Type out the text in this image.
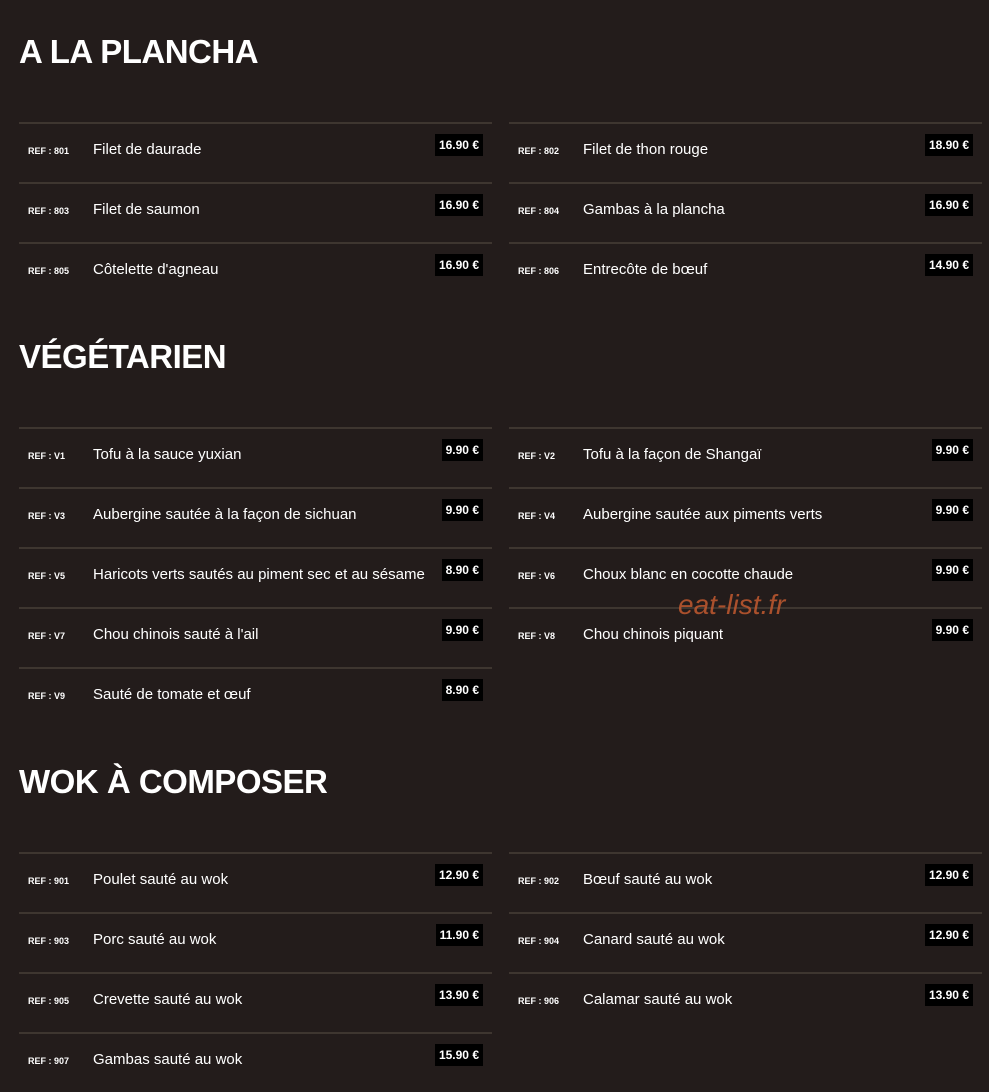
A LA PLANCHA
REF : 801 Filet de daurade	16.90 €	REF : 802 Filet de thon rouge	18.90 €
REF : 803 Filet de saumon	16.90 €	REF : 804 Gambas à la plancha	16.90 €
REF : 805 Côtelette d'agneau	16.90 €	REF : 806 Entrecôte de bœuf	14.90 €
VÉGÉTARIEN
REF : V1 Tofu à la sauce yuxian	9.90 €	REF : V2 Tofu à la façon de Shangaï	9.90 €
REF : V3 Aubergine sautée à la façon de sichuan	9.90 €	REF : V4 Aubergine sautée aux piments verts	9.90 €
REF : V5 Haricots verts sautés au piment sec et au sésame	8.90 €	REF : V6 Choux blanc en cocotte chaude	9.90 €
REF : V7 Chou chinois sauté à l'ail	9.90 €	REF : V8 Chou chinois piquant	9.90 €
REF : V9 Sauté de tomate et œuf	8.90 €
WOK À COMPOSER
REF : 901 Poulet sauté au wok	12.90 €	REF : 902 Bœuf sauté au wok	12.90 €
REF : 903 Porc sauté au wok	11.90 €	REF : 904 Canard sauté au wok	12.90 €
REF : 905 Crevette sauté au wok	13.90 €	REF : 906 Calamar sauté au wok	13.90 €
REF : 907 Gambas sauté au wok	15.90 €
eat-list.fr
